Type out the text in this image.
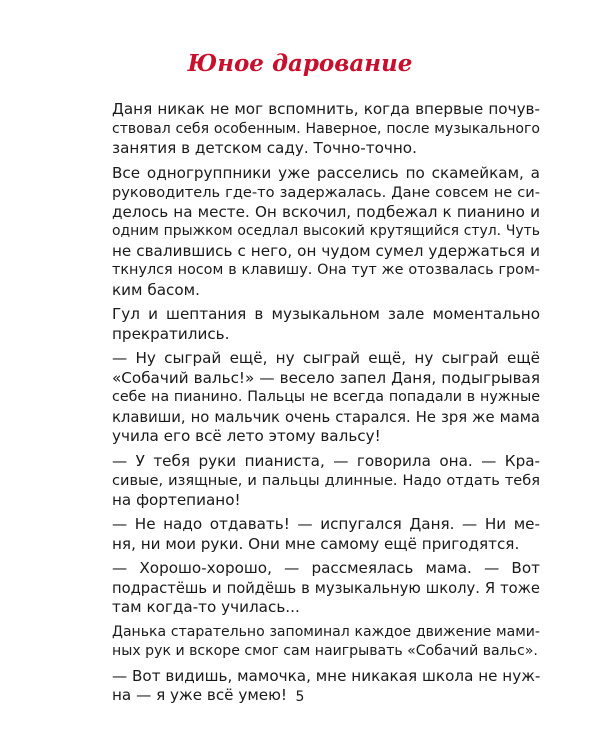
Юное дарование

Даня никак не мог вспомнить, когда впервые почув-
ствовал себя особенным. Наверное, после музыкального
занятия в детском саду. Точно-точно.

Все одногруппники уже расселись по скамейкам, а
руководитель где-то задержалась. Дане совсем не си-
делось на месте. Он вскочил, подбежал к пианино и
одним прыжком оседлал высокий крутящийся стул. Чуть
не свалившись с него, он чудом сумел удержаться и
ткнулся носом в клавишу. Она тут же отозвалась гром-
ким басом.

Гул и шептания в музыкальном зале моментально
прекратились.

— Ну сыграй ещё, ну сыграй ещё, ну сыграй ещё
«Собачий вальс!» — весело запел Даня, подыгрывая
себе на пианино. Пальцы не всегда попадали в нужные
клавиши, но мальчик очень старался. Не зря же мама
учила его всё лето этому вальсу!

— У тебя руки пианиста, — говорила она. — Кра-
сивые, изящные, и пальцы длинные. Надо отдать тебя
на фортепиано!

— Не надо отдавать! — испугался Даня. — Ни ме-
ня, ни мои руки. Они мне самому ещё пригодятся.

— Хорошо-хорошо, — рассмеялась мама. — Вот
подрастёшь и пойдёшь в музыкальную школу. Я тоже
там когда-то училась...

Данька старательно запоминал каждое движение мами-
ных рук и вскоре смог сам наигрывать «Собачий вальс».

— Вот видишь, мамочка, мне никакая школа не нуж-
на — я уже всё умею! 5
